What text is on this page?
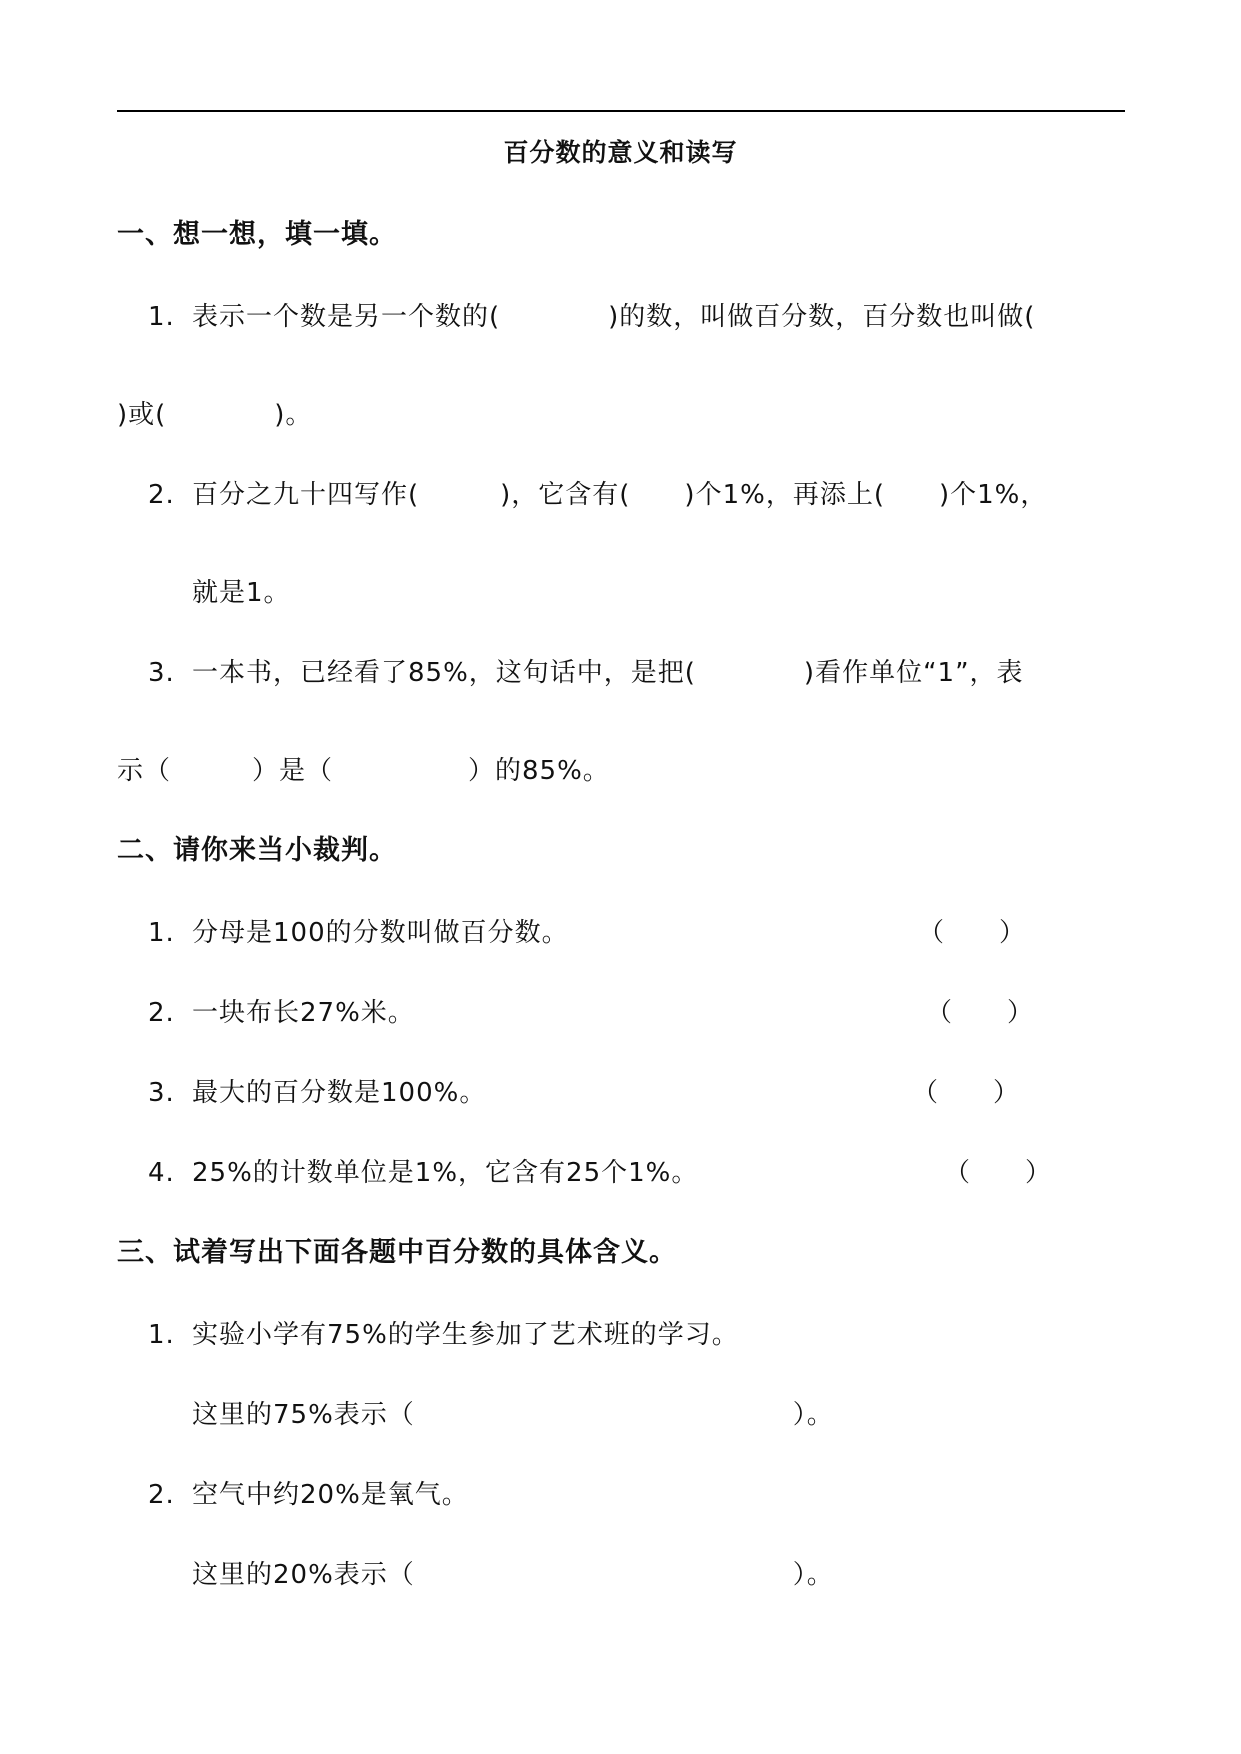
百分数的意义和读写
一、想一想，填一填。
1. 表示一个数是另一个数的(　　　　)的数，叫做百分数，百分数也叫做(
)或(　　　　)。
2. 百分之九十四写作(　　　)，它含有(　　)个1%，再添上(　　)个1%，
就是1。
3. 一本书，已经看了85%，这句话中，是把(　　　　)看作单位“1”，表
示（　　　）是（　　　　　）的85%。
二、请你来当小裁判。
1. 分母是100的分数叫做百分数。	（　　）
2. 一块布长27%米。	（　　）
3. 最大的百分数是100%。	（　　）
4. 25%的计数单位是1%，它含有25个1%。	（　　）
三、试着写出下面各题中百分数的具体含义。
1. 实验小学有75%的学生参加了艺术班的学习。
这里的75%表示（　　　　　　　　　　　　　　）。
2. 空气中约20%是氧气。
这里的20%表示（　　　　　　　　　　　　　　）。
